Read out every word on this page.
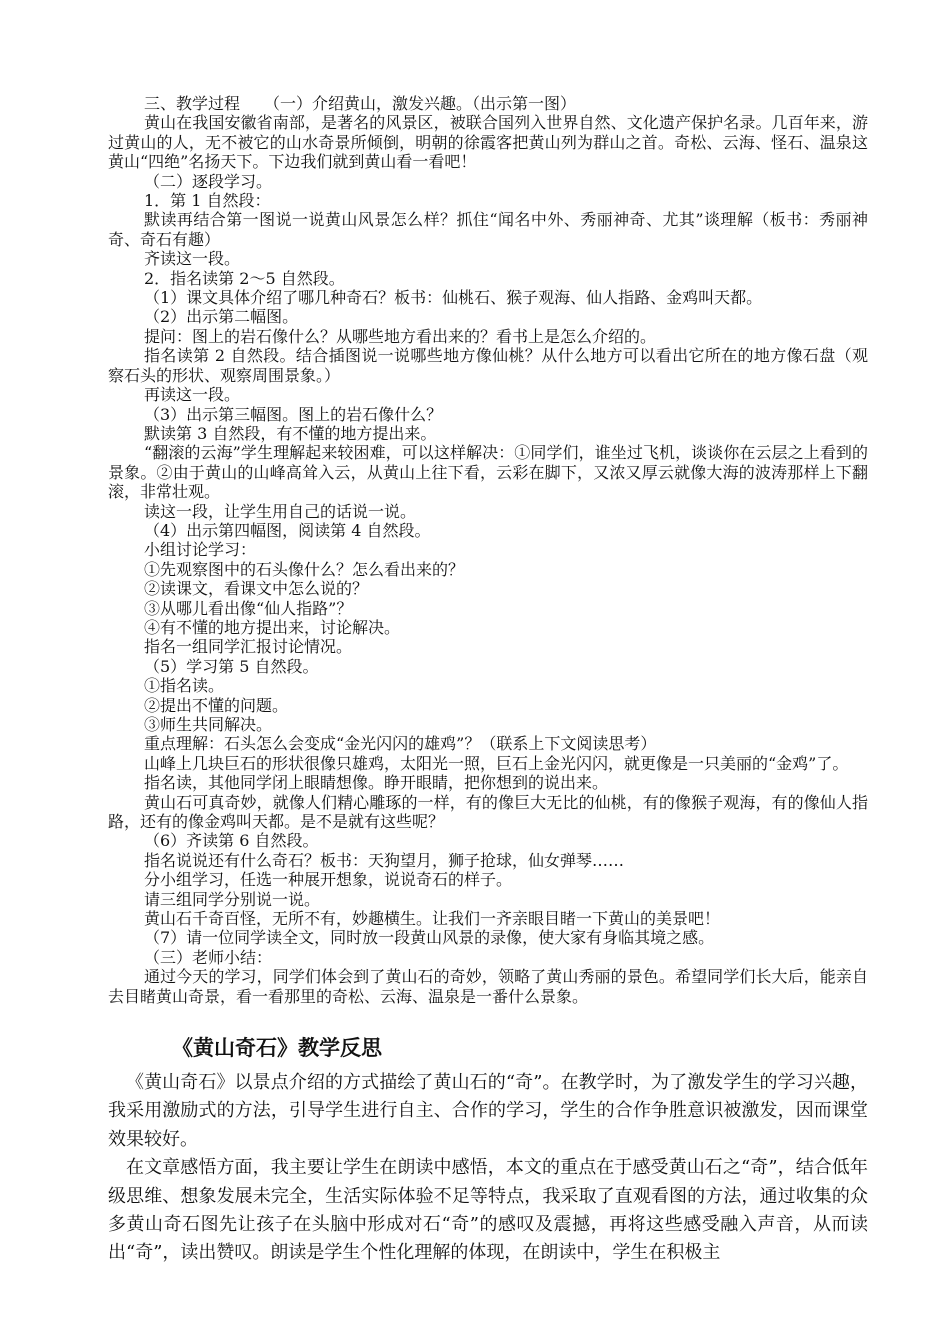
三、教学过程　　（一）介绍黄山，激发兴趣。（出示第一图）

黄山在我国安徽省南部，是著名的风景区，被联合国列入世界自然、文化遗产保护名录。几百年来，游过黄山的人，无不被它的山水奇景所倾倒，明朝的徐霞客把黄山列为群山之首。奇松、云海、怪石、温泉这黄山“四绝”名扬天下。下边我们就到黄山看一看吧！

（二）逐段学习。

1．第 1 自然段：

默读再结合第一图说一说黄山风景怎么样？抓住“闻名中外、秀丽神奇、尤其”谈理解（板书：秀丽神奇、奇石有趣）

齐读这一段。

2．指名读第 2～5 自然段。

（1）课文具体介绍了哪几种奇石？板书：仙桃石、猴子观海、仙人指路、金鸡叫天都。

（2）出示第二幅图。

提问：图上的岩石像什么？从哪些地方看出来的？看书上是怎么介绍的。

指名读第 2 自然段。结合插图说一说哪些地方像仙桃？从什么地方可以看出它所在的地方像石盘（观察石头的形状、观察周围景象。）

再读这一段。

（3）出示第三幅图。图上的岩石像什么？

默读第 3 自然段，有不懂的地方提出来。

“翻滚的云海”学生理解起来较困难，可以这样解决：①同学们，谁坐过飞机，谈谈你在云层之上看到的景象。②由于黄山的山峰高耸入云，从黄山上往下看，云彩在脚下，又浓又厚云就像大海的波涛那样上下翻滚，非常壮观。

读这一段，让学生用自己的话说一说。

（4）出示第四幅图，阅读第 4 自然段。

小组讨论学习：

①先观察图中的石头像什么？怎么看出来的？

②读课文，看课文中怎么说的？

③从哪儿看出像“仙人指路”？

④有不懂的地方提出来，讨论解决。

指名一组同学汇报讨论情况。

（5）学习第 5 自然段。

①指名读。

②提出不懂的问题。

③师生共同解决。

重点理解：石头怎么会变成“金光闪闪的雄鸡”？（联系上下文阅读思考）

山峰上几块巨石的形状很像只雄鸡，太阳光一照，巨石上金光闪闪，就更像是一只美丽的“金鸡”了。

指名读，其他同学闭上眼睛想像。睁开眼睛，把你想到的说出来。

黄山石可真奇妙，就像人们精心雕琢的一样，有的像巨大无比的仙桃，有的像猴子观海，有的像仙人指路，还有的像金鸡叫天都。是不是就有这些呢？

（6）齐读第 6 自然段。

指名说说还有什么奇石？板书：天狗望月，狮子抢球，仙女弹琴……

分小组学习，任选一种展开想象，说说奇石的样子。

请三组同学分别说一说。

黄山石千奇百怪，无所不有，妙趣横生。让我们一齐亲眼目睹一下黄山的美景吧！

（7）请一位同学读全文，同时放一段黄山风景的录像，使大家有身临其境之感。

（三）老师小结：

通过今天的学习，同学们体会到了黄山石的奇妙，领略了黄山秀丽的景色。希望同学们长大后，能亲自去目睹黄山奇景，看一看那里的奇松、云海、温泉是一番什么景象。

《黄山奇石》教学反思

《黄山奇石》以景点介绍的方式描绘了黄山石的“奇”。在教学时，为了激发学生的学习兴趣，我采用激励式的方法，引导学生进行自主、合作的学习，学生的合作争胜意识被激发，因而课堂效果较好。

在文章感悟方面，我主要让学生在朗读中感悟，本文的重点在于感受黄山石之“奇”，结合低年级思维、想象发展未完全，生活实际体验不足等特点，我采取了直观看图的方法，通过收集的众多黄山奇石图先让孩子在头脑中形成对石“奇”的感叹及震撼，再将这些感受融入声音，从而读出“奇”，读出赞叹。朗读是学生个性化理解的体现，在朗读中，学生在积极主
